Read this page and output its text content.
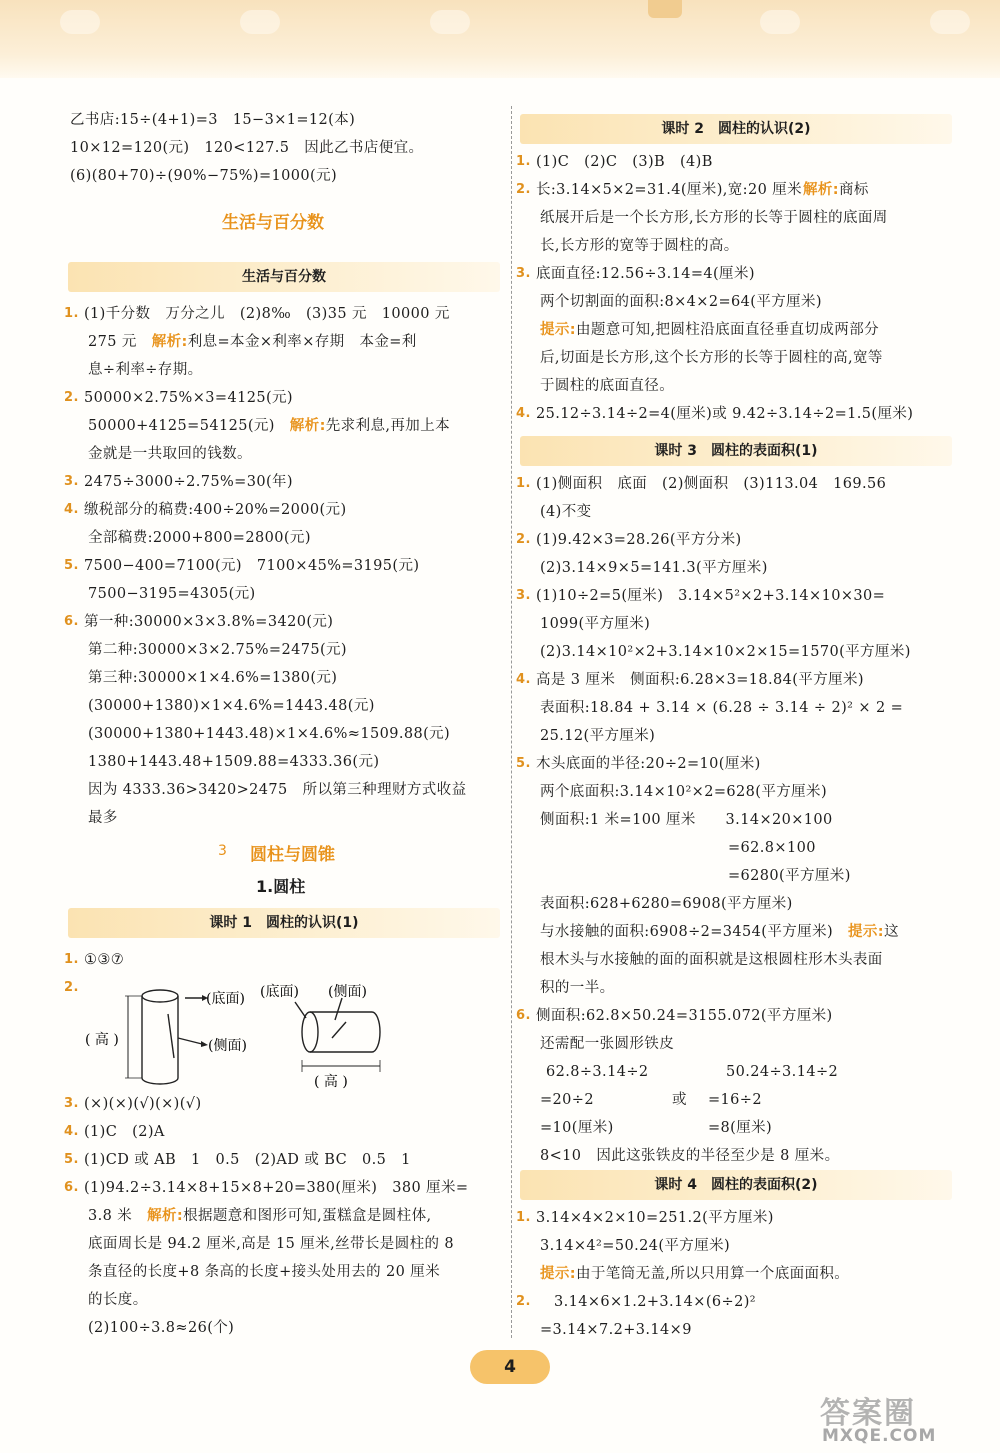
乙书店:15÷(4+1)=3　15−3×1=12(本)
10×12=120(元)　120<127.5　因此乙书店便宜。
(6)(80+70)÷(90%−75%)=1000(元)
生活与百分数
生活与百分数
1. (1)千分数　万分之儿　(2)8‰　(3)35 元　10000 元
275 元　 解析:利息=本金×利率×存期　本金=利
息÷利率÷存期。
2. 50000×2.75%×3=4125(元)
50000+4125=54125(元)　 解析:先求利息,再加上本
金就是一共取回的钱数。
3. 2475÷3000÷2.75%=30(年)
4. 缴税部分的稿费:400÷20%=2000(元)
全部稿费:2000+800=2800(元)
5. 7500−400=7100(元)　7100×45%=3195(元)
7500−3195=4305(元)
6. 第一种:30000×3×3.8%=3420(元)
第二种:30000×3×2.75%=2475(元)
第三种:30000×1×4.6%=1380(元)
(30000+1380)×1×4.6%=1443.48(元)
(30000+1380+1443.48)×1×4.6%≈1509.88(元)
1380+1443.48+1509.88=4333.36(元)
因为 4333.36>3420>2475　所以第三种理财方式收益
最多
3 圆柱与圆锥
1.圆柱
课时 1　圆柱的认识(1)
1. ①③⑦
2.
( 高 )
(底面)
(侧面)
(底面) (侧面)
( 高 )
3. (×)(×)(√)(×)(√)
4. (1)C　(2)A
5. (1)CD 或 AB　1　0.5　(2)AD 或 BC　0.5　1
6. (1)94.2÷3.14×8+15×8+20=380(厘米)　380 厘米=
3.8 米　 解析:根据题意和图形可知,蛋糕盒是圆柱体,
底面周长是 94.2 厘米,高是 15 厘米,丝带长是圆柱的 8
条直径的长度+8 条高的长度+接头处用去的 20 厘米
的长度。
(2)100÷3.8≈26(个)
课时 2　圆柱的认识(2)
1. (1)C　(2)C　(3)B　(4)B
2. 长:3.14×5×2=31.4(厘米),宽:20 厘米　解析:商标
纸展开后是一个长方形,长方形的长等于圆柱的底面周
长,长方形的宽等于圆柱的高。
3. 底面直径:12.56÷3.14=4(厘米)
两个切割面的面积:8×4×2=64(平方厘米)
提示:由题意可知,把圆柱沿底面直径垂直切成两部分
后,切面是长方形,这个长方形的长等于圆柱的高,宽等
于圆柱的底面直径。
4. 25.12÷3.14÷2=4(厘米)或 9.42÷3.14÷2=1.5(厘米)
课时 3　圆柱的表面积(1)
1. (1)侧面积　底面　(2)侧面积　(3)113.04　169.56
(4)不变
2. (1)9.42×3=28.26(平方分米)
(2)3.14×9×5=141.3(平方厘米)
3. (1)10÷2=5(厘米)　3.14×5²×2+3.14×10×30=
1099(平方厘米)
(2)3.14×10²×2+3.14×10×2×15=1570(平方厘米)
4. 高是 3 厘米　侧面积:6.28×3=18.84(平方厘米)
表面积:18.84 + 3.14 × (6.28 ÷ 3.14 ÷ 2)² × 2 =
25.12(平方厘米)
5. 木头底面的半径:20÷2=10(厘米)
两个底面积:3.14×10²×2=628(平方厘米)
侧面积:1 米=100 厘米　　3.14×20×100
=62.8×100
=6280(平方厘米)
表面积:628+6280=6908(平方厘米)
与水接触的面积:6908÷2=3454(平方厘米)　 提示:这
根木头与水接触的面的面积就是这根圆柱形木头表面
积的一半。
6. 侧面积:62.8×50.24=3155.072(平方厘米)
还需配一张圆形铁皮
62.8÷3.14÷2	50.24÷3.14÷2
=20÷2	或 =16÷2
=10(厘米)	=8(厘米)
8<10　因此这张铁皮的半径至少是 8 厘米。
课时 4　圆柱的表面积(2)
1. 3.14×4×2×10=251.2(平方厘米)
3.14×4²=50.24(平方厘米)
提示:由于笔筒无盖,所以只用算一个底面面积。
2. 3.14×6×1.2+3.14×(6÷2)²
=3.14×7.2+3.14×9
4
答案圈
MXQE.COM
